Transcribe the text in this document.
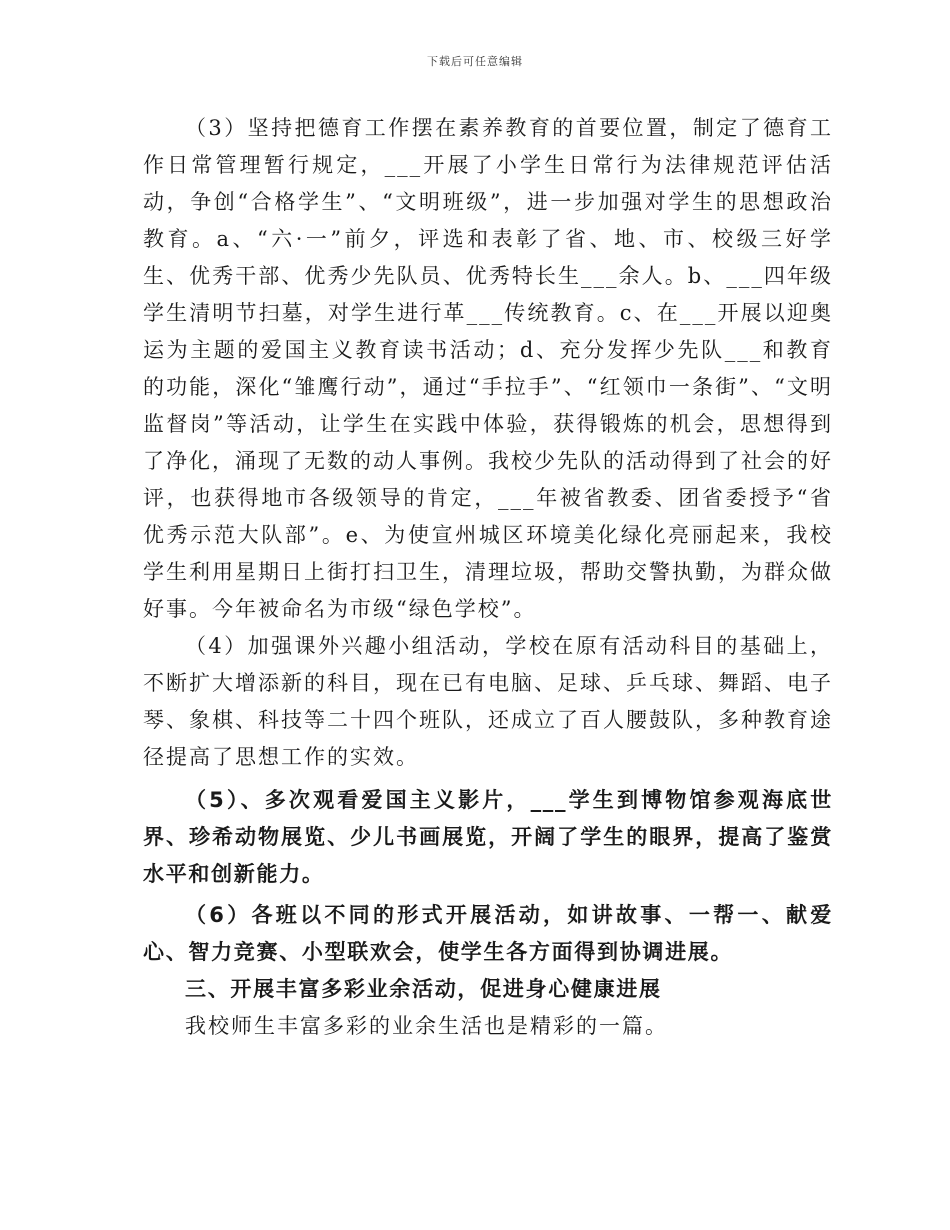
下载后可任意编辑

（3）坚持把德育工作摆在素养教育的首要位置，制定了德育工作日常管理暂行规定，___开展了小学生日常行为法律规范评估活动，争创“合格学生”、“文明班级”，进一步加强对学生的思想政治教育。a、“六·一”前夕，评选和表彰了省、地、市、校级三好学生、优秀干部、优秀少先队员、优秀特长生___余人。b、___四年级学生清明节扫墓，对学生进行革___传统教育。c、在___开展以迎奥运为主题的爱国主义教育读书活动；d、充分发挥少先队___和教育的功能，深化“雏鹰行动”，通过“手拉手”、“红领巾一条街”、“文明监督岗”等活动，让学生在实践中体验，获得锻炼的机会，思想得到了净化，涌现了无数的动人事例。我校少先队的活动得到了社会的好评，也获得地市各级领导的肯定，___年被省教委、团省委授予“省优秀示范大队部”。e、为使宣州城区环境美化绿化亮丽起来，我校学生利用星期日上街打扫卫生，清理垃圾，帮助交警执勤，为群众做好事。今年被命名为市级“绿色学校”。

（4）加强课外兴趣小组活动，学校在原有活动科目的基础上，不断扩大增添新的科目，现在已有电脑、足球、乒乓球、舞蹈、电子琴、象棋、科技等二十四个班队，还成立了百人腰鼓队，多种教育途径提高了思想工作的实效。

（5）、多次观看爱国主义影片，___学生到博物馆参观海底世界、珍希动物展览、少儿书画展览，开阔了学生的眼界，提高了鉴赏水平和创新能力。

（6）各班以不同的形式开展活动，如讲故事、一帮一、献爱心、智力竞赛、小型联欢会，使学生各方面得到协调进展。

三、开展丰富多彩业余活动，促进身心健康进展

我校师生丰富多彩的业余生活也是精彩的一篇。
